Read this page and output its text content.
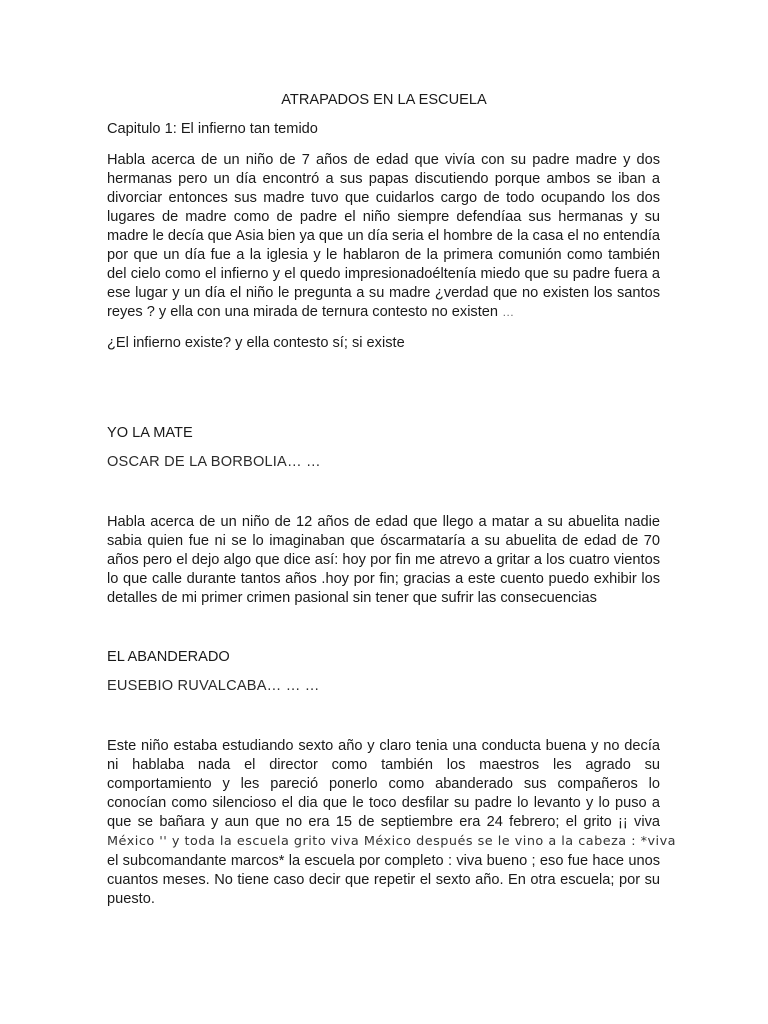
ATRAPADOS EN LA ESCUELA

Capitulo 1: El infierno tan temido

Habla acerca de un niño de 7 años de edad que vivía con su padre madre y dos hermanas pero un día encontró a sus papas discutiendo porque ambos se iban a divorciar entonces sus madre tuvo que cuidarlos cargo de todo ocupando los dos lugares de madre como de padre el niño siempre defendíaa sus hermanas y su madre le decía que Asia bien ya que un día seria el hombre de la casa el no entendía por que un día fue a la iglesia y le hablaron de la primera comunión como también del cielo como el infierno y el quedo impresionadoéltenía miedo que su padre fuera a ese lugar y un día el niño le pregunta a su madre ¿verdad que no existen los santos reyes ? y ella con una mirada de ternura contesto no existen …

¿El infierno existe? y ella contesto sí; si existe

YO LA MATE

OSCAR DE LA BORBOLIA… …

Habla acerca de un niño de 12 años de edad que llego a matar a su abuelita nadie sabia quien fue ni se lo imaginaban que óscarmataría a su abuelita de edad de 70 años pero el dejo algo que dice así: hoy por fin me atrevo a gritar a los cuatro vientos lo que calle durante tantos años .hoy por fin; gracias a este cuento puedo exhibir los detalles de mi primer crimen pasional sin tener que sufrir las consecuencias

EL ABANDERADO

EUSEBIO RUVALCABA… … …

Este niño estaba estudiando sexto año y claro tenia una conducta buena y no decía ni hablaba nada el director como también los maestros les agrado su comportamiento y les pareció ponerlo como abanderado sus compañeros lo conocían como silencioso el dia que le toco desfilar su padre lo levanto y lo puso a que se bañara y aun que no era 15 de septiembre era 24 febrero; el grito ¡¡ viva

México '' y toda la escuela grito viva México después se le vino a la cabeza : *viva

el subcomandante marcos* la escuela por completo : viva bueno ; eso fue hace unos cuantos meses. No tiene caso decir que repetir el sexto año. En otra escuela; por su puesto.
